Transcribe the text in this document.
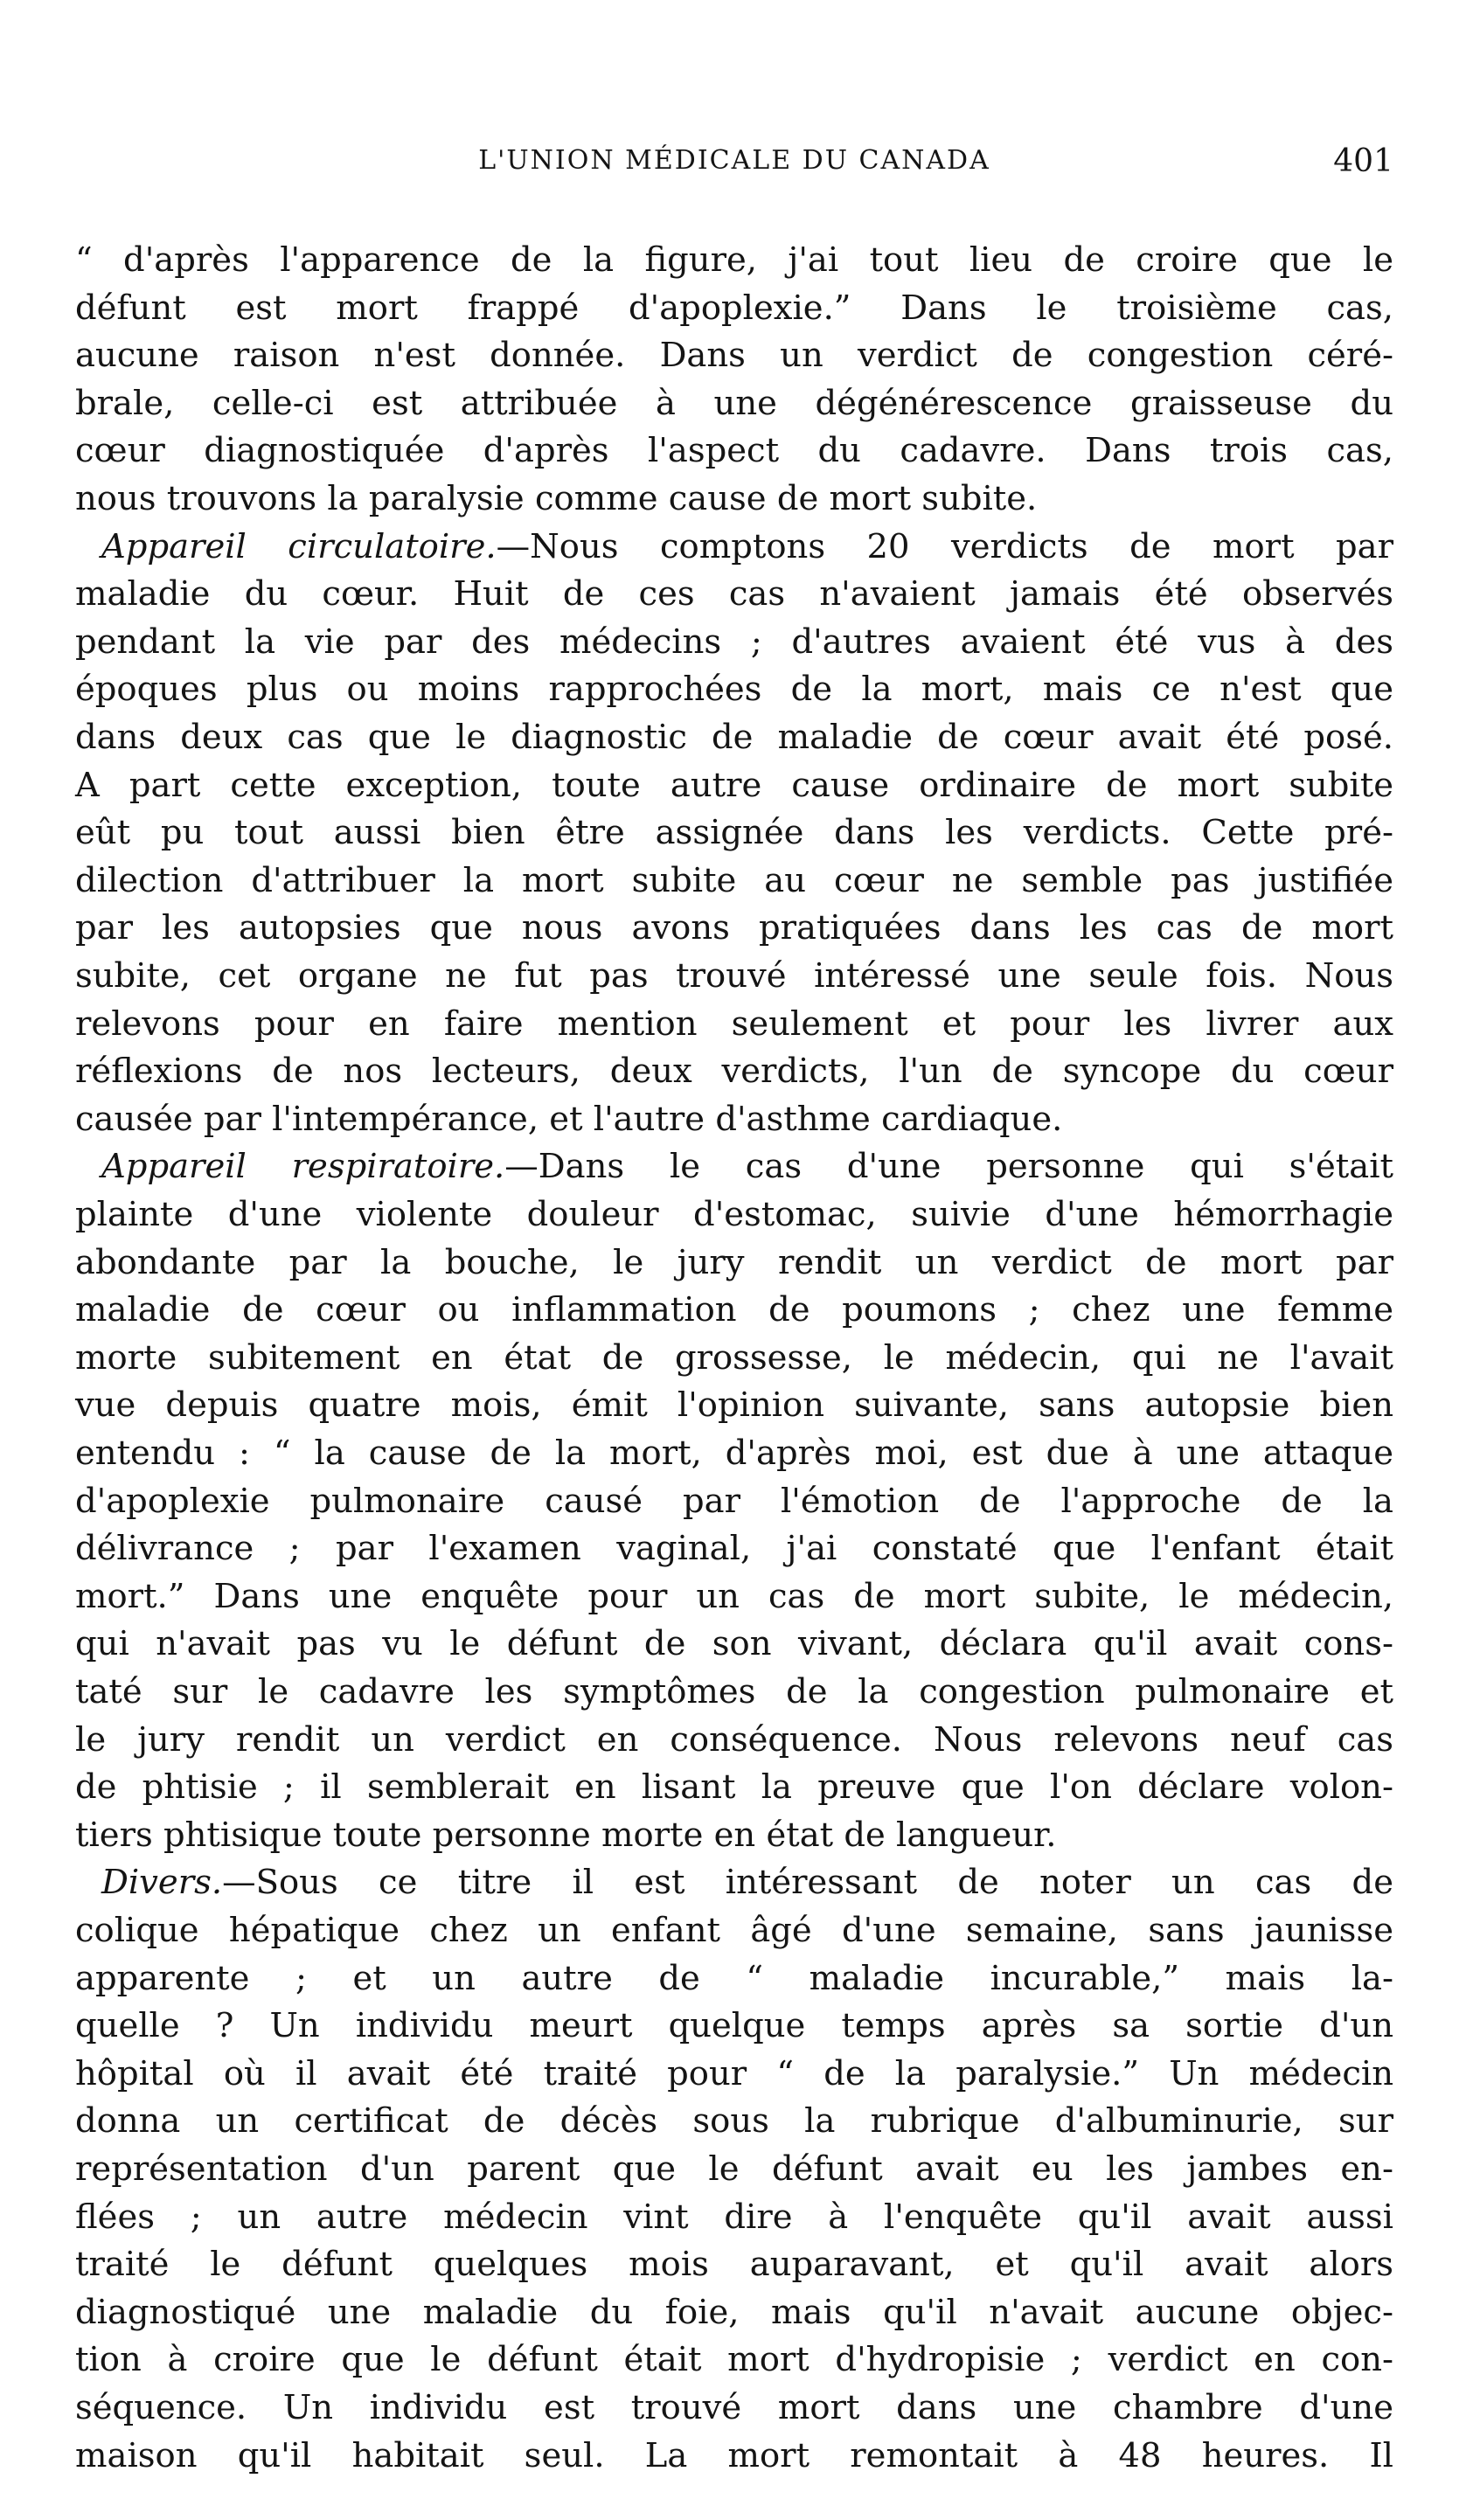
L'UNION MÉDICALE DU CANADA	401
“ d'après l'apparence de la figure, j'ai tout lieu de croire que le
défunt est mort frappé d'apoplexie.” Dans le troisième cas,
aucune raison n'est donnée. Dans un verdict de congestion céré-
brale, celle-ci est attribuée à une dégénérescence graisseuse du
cœur diagnostiquée d'après l'aspect du cadavre. Dans trois cas,
nous trouvons la paralysie comme cause de mort subite.
Appareil circulatoire.—Nous comptons 20 verdicts de mort par
maladie du cœur. Huit de ces cas n'avaient jamais été observés
pendant la vie par des médecins ; d'autres avaient été vus à des
époques plus ou moins rapprochées de la mort, mais ce n'est que
dans deux cas que le diagnostic de maladie de cœur avait été posé.
A part cette exception, toute autre cause ordinaire de mort subite
eût pu tout aussi bien être assignée dans les verdicts. Cette pré-
dilection d'attribuer la mort subite au cœur ne semble pas justifiée
par les autopsies que nous avons pratiquées dans les cas de mort
subite, cet organe ne fut pas trouvé intéressé une seule fois. Nous
relevons pour en faire mention seulement et pour les livrer aux
réflexions de nos lecteurs, deux verdicts, l'un de syncope du cœur
causée par l'intempérance, et l'autre d'asthme cardiaque.
Appareil respiratoire.—Dans le cas d'une personne qui s'était
plainte d'une violente douleur d'estomac, suivie d'une hémorrhagie
abondante par la bouche, le jury rendit un verdict de mort par
maladie de cœur ou inflammation de poumons ; chez une femme
morte subitement en état de grossesse, le médecin, qui ne l'avait
vue depuis quatre mois, émit l'opinion suivante, sans autopsie bien
entendu : “ la cause de la mort, d'après moi, est due à une attaque
d'apoplexie pulmonaire causé par l'émotion de l'approche de la
délivrance ; par l'examen vaginal, j'ai constaté que l'enfant était
mort.” Dans une enquête pour un cas de mort subite, le médecin,
qui n'avait pas vu le défunt de son vivant, déclara qu'il avait cons-
taté sur le cadavre les symptômes de la congestion pulmonaire et
le jury rendit un verdict en conséquence. Nous relevons neuf cas
de phtisie ; il semblerait en lisant la preuve que l'on déclare volon-
tiers phtisique toute personne morte en état de langueur.
Divers.—Sous ce titre il est intéressant de noter un cas de
colique hépatique chez un enfant âgé d'une semaine, sans jaunisse
apparente ; et un autre de “ maladie incurable,” mais la-
quelle ? Un individu meurt quelque temps après sa sortie d'un
hôpital où il avait été traité pour “ de la paralysie.” Un médecin
donna un certificat de décès sous la rubrique d'albuminurie, sur
représentation d'un parent que le défunt avait eu les jambes en-
flées ; un autre médecin vint dire à l'enquête qu'il avait aussi
traité le défunt quelques mois auparavant, et qu'il avait alors
diagnostiqué une maladie du foie, mais qu'il n'avait aucune objec-
tion à croire que le défunt était mort d'hydropisie ; verdict en con-
séquence. Un individu est trouvé mort dans une chambre d'une
maison qu'il habitait seul. La mort remontait à 48 heures. Il
